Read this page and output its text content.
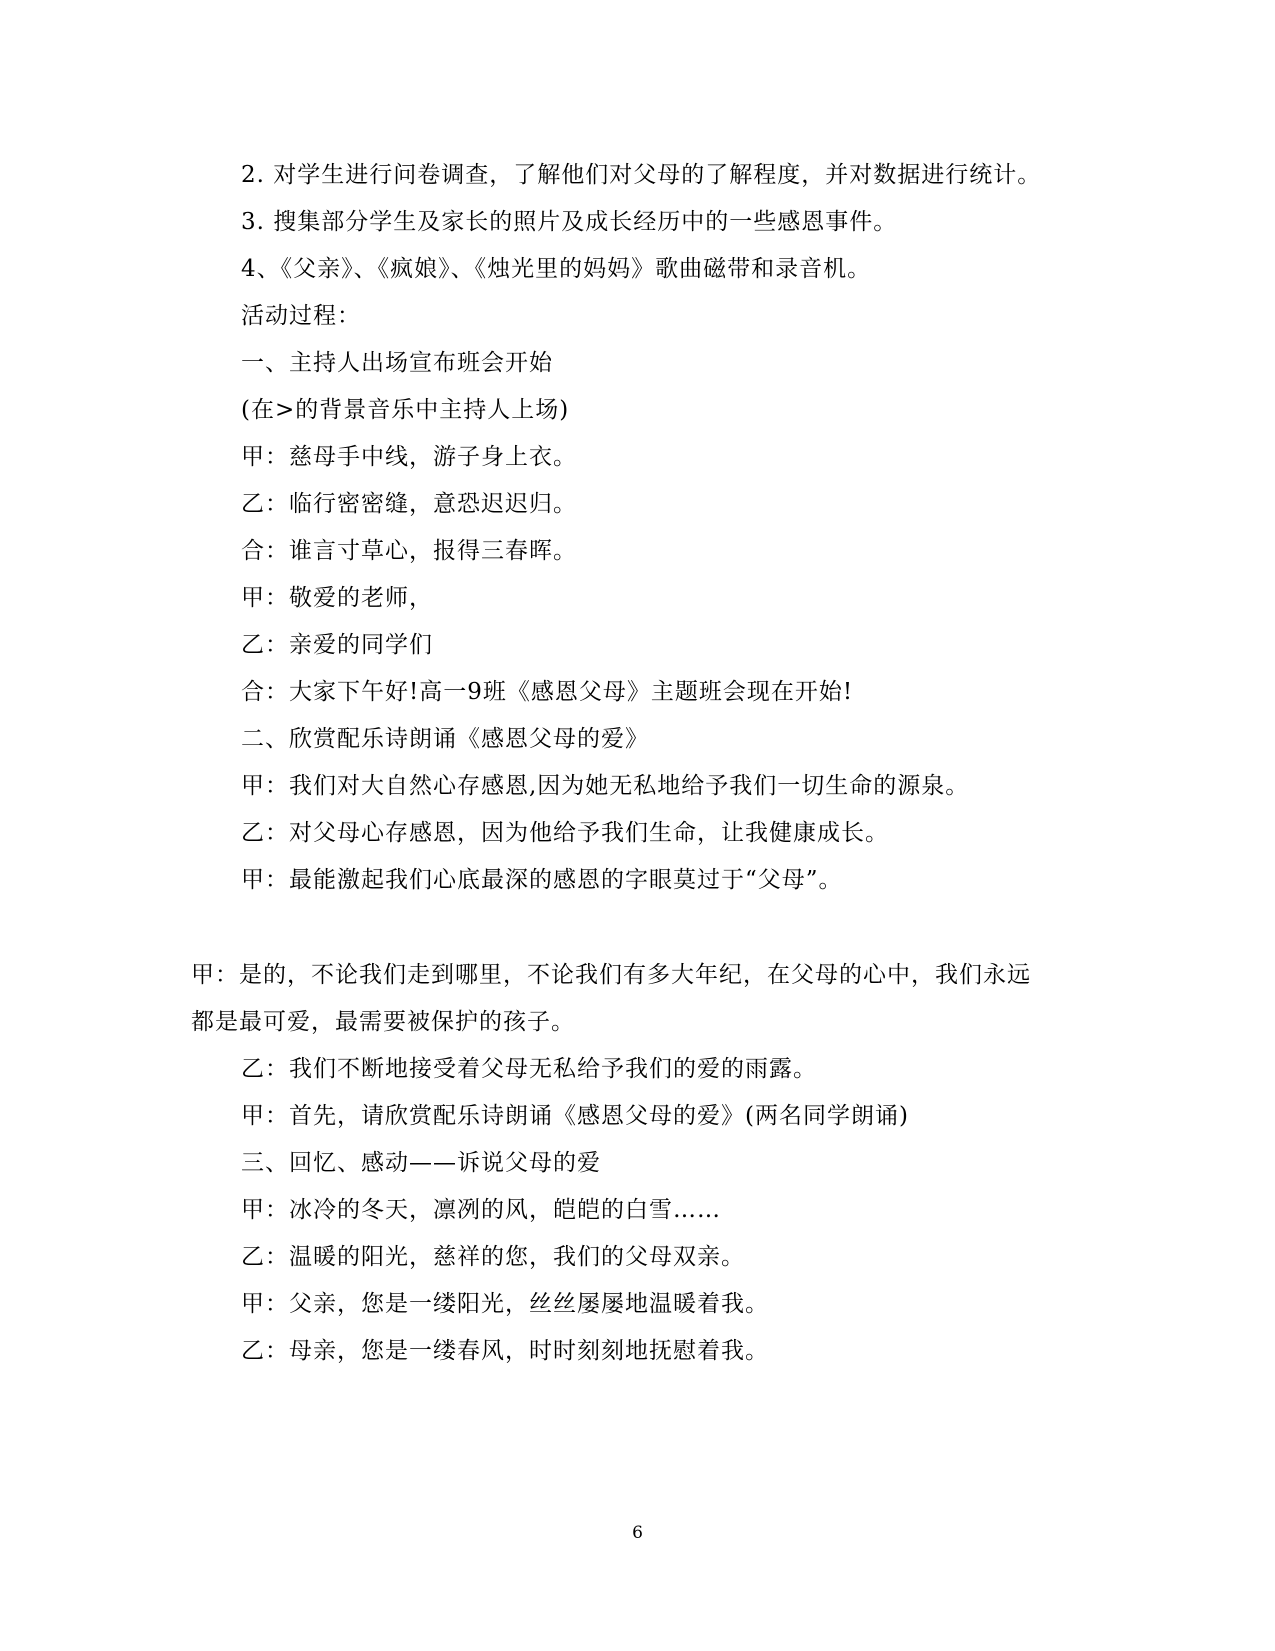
2. 对学生进行问卷调查，了解他们对父母的了解程度，并对数据进行统计。
3. 搜集部分学生及家长的照片及成长经历中的一些感恩事件。
4、《父亲》、《疯娘》、《烛光里的妈妈》歌曲磁带和录音机。
活动过程：
一、主持人出场宣布班会开始
(在>的背景音乐中主持人上场)
甲：慈母手中线，游子身上衣。
乙：临行密密缝，意恐迟迟归。
合：谁言寸草心，报得三春晖。
甲：敬爱的老师，
乙：亲爱的同学们
合：大家下午好!高一9班《感恩父母》主题班会现在开始!
二、欣赏配乐诗朗诵《感恩父母的爱》
甲：我们对大自然心存感恩,因为她无私地给予我们一切生命的源泉。
乙：对父母心存感恩，因为他给予我们生命，让我健康成长。
甲：最能激起我们心底最深的感恩的字眼莫过于“父母”。
甲：是的，不论我们走到哪里，不论我们有多大年纪，在父母的心中，我们永远
都是最可爱，最需要被保护的孩子。
乙：我们不断地接受着父母无私给予我们的爱的雨露。
甲：首先，请欣赏配乐诗朗诵《感恩父母的爱》(两名同学朗诵)
三、回忆、感动——诉说父母的爱
甲：冰冷的冬天，凛冽的风，皑皑的白雪……
乙：温暖的阳光，慈祥的您，我们的父母双亲。
甲：父亲，您是一缕阳光，丝丝屡屡地温暖着我。
乙：母亲，您是一缕春风，时时刻刻地抚慰着我。
6
